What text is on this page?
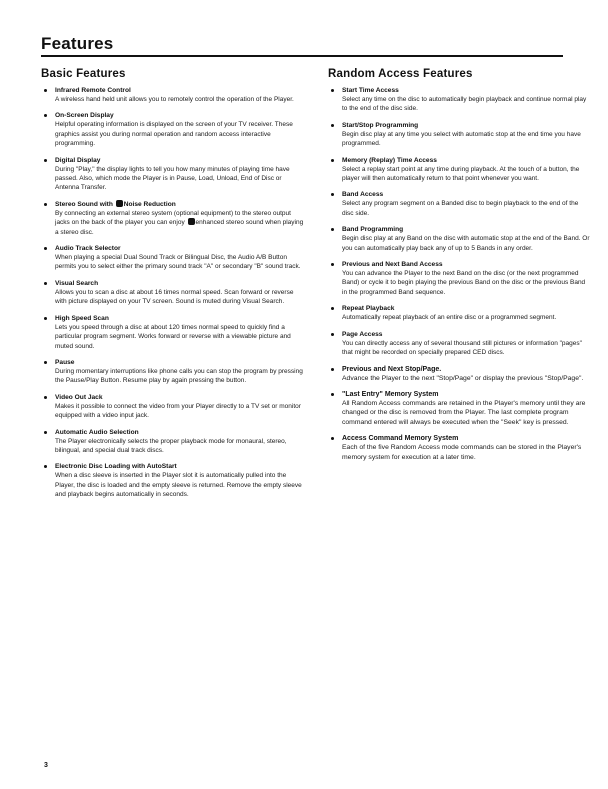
Features
Basic Features
Infrared Remote Control
A wireless hand held unit allows you to remotely control the operation of the Player.
On-Screen Display
Helpful operating information is displayed on the screen of your TV receiver. These graphics assist you during normal operation and random access interactive programming.
Digital Display
During "Play," the display lights to tell you how many minutes of playing time have passed. Also, which mode the Player is in Pause, Load, Unload, End of Disc or Antenna Transfer.
Stereo Sound with Noise Reduction
By connecting an external stereo system (optional equipment) to the stereo output jacks on the back of the player you can enjoy enhanced stereo sound when playing a stereo disc.
Audio Track Selector
When playing a special Dual Sound Track or Bilingual Disc, the Audio A/B Button permits you to select either the primary sound track "A" or secondary "B" sound track.
Visual Search
Allows you to scan a disc at about 16 times normal speed. Scan forward or reverse with picture displayed on your TV screen. Sound is muted during Visual Search.
High Speed Scan
Lets you speed through a disc at about 120 times normal speed to quickly find a particular program segment. Works forward or reverse with a viewable picture and muted sound.
Pause
During momentary interruptions like phone calls you can stop the program by pressing the Pause/Play Button. Resume play by again pressing the button.
Video Out Jack
Makes it possible to connect the video from your Player directly to a TV set or monitor equipped with a video input jack.
Automatic Audio Selection
The Player electronically selects the proper playback mode for monaural, stereo, bilingual, and special dual track discs.
Electronic Disc Loading with AutoStart
When a disc sleeve is inserted in the Player slot it is automatically pulled into the Player, the disc is loaded and the empty sleeve is returned. Remove the empty sleeve and playback begins automatically in seconds.
Random Access Features
Start Time Access
Select any time on the disc to automatically begin playback and continue normal play to the end of the disc side.
Start/Stop Programming
Begin disc play at any time you select with automatic stop at the end time you have programmed.
Memory (Replay) Time Access
Select a replay start point at any time during playback. At the touch of a button, the player will then automatically return to that point whenever you want.
Band Access
Select any program segment on a Banded disc to begin playback to the end of the disc side.
Band Programming
Begin disc play at any Band on the disc with automatic stop at the end of the Band. Or you can automatically play back any of up to 5 Bands in any order.
Previous and Next Band Access
You can advance the Player to the next Band on the disc (or the next programmed Band) or cycle it to begin playing the previous Band on the disc or the previous Band in the programmed Band sequence.
Repeat Playback
Automatically repeat playback of an entire disc or a programmed segment.
Page Access
You can directly access any of several thousand still pictures or information "pages" that might be recorded on specially prepared CED discs.
Previous and Next Stop/Page.
Advance the Player to the next "Stop/Page" or display the previous "Stop/Page".
"Last Entry" Memory System
All Random Access commands are retained in the Player's memory until they are changed or the disc is removed from the Player. The last complete program command entered will always be executed when the "Seek" key is pressed.
Access Command Memory System
Each of the five Random Access mode commands can be stored in the Player's memory system for execution at a later time.
3
